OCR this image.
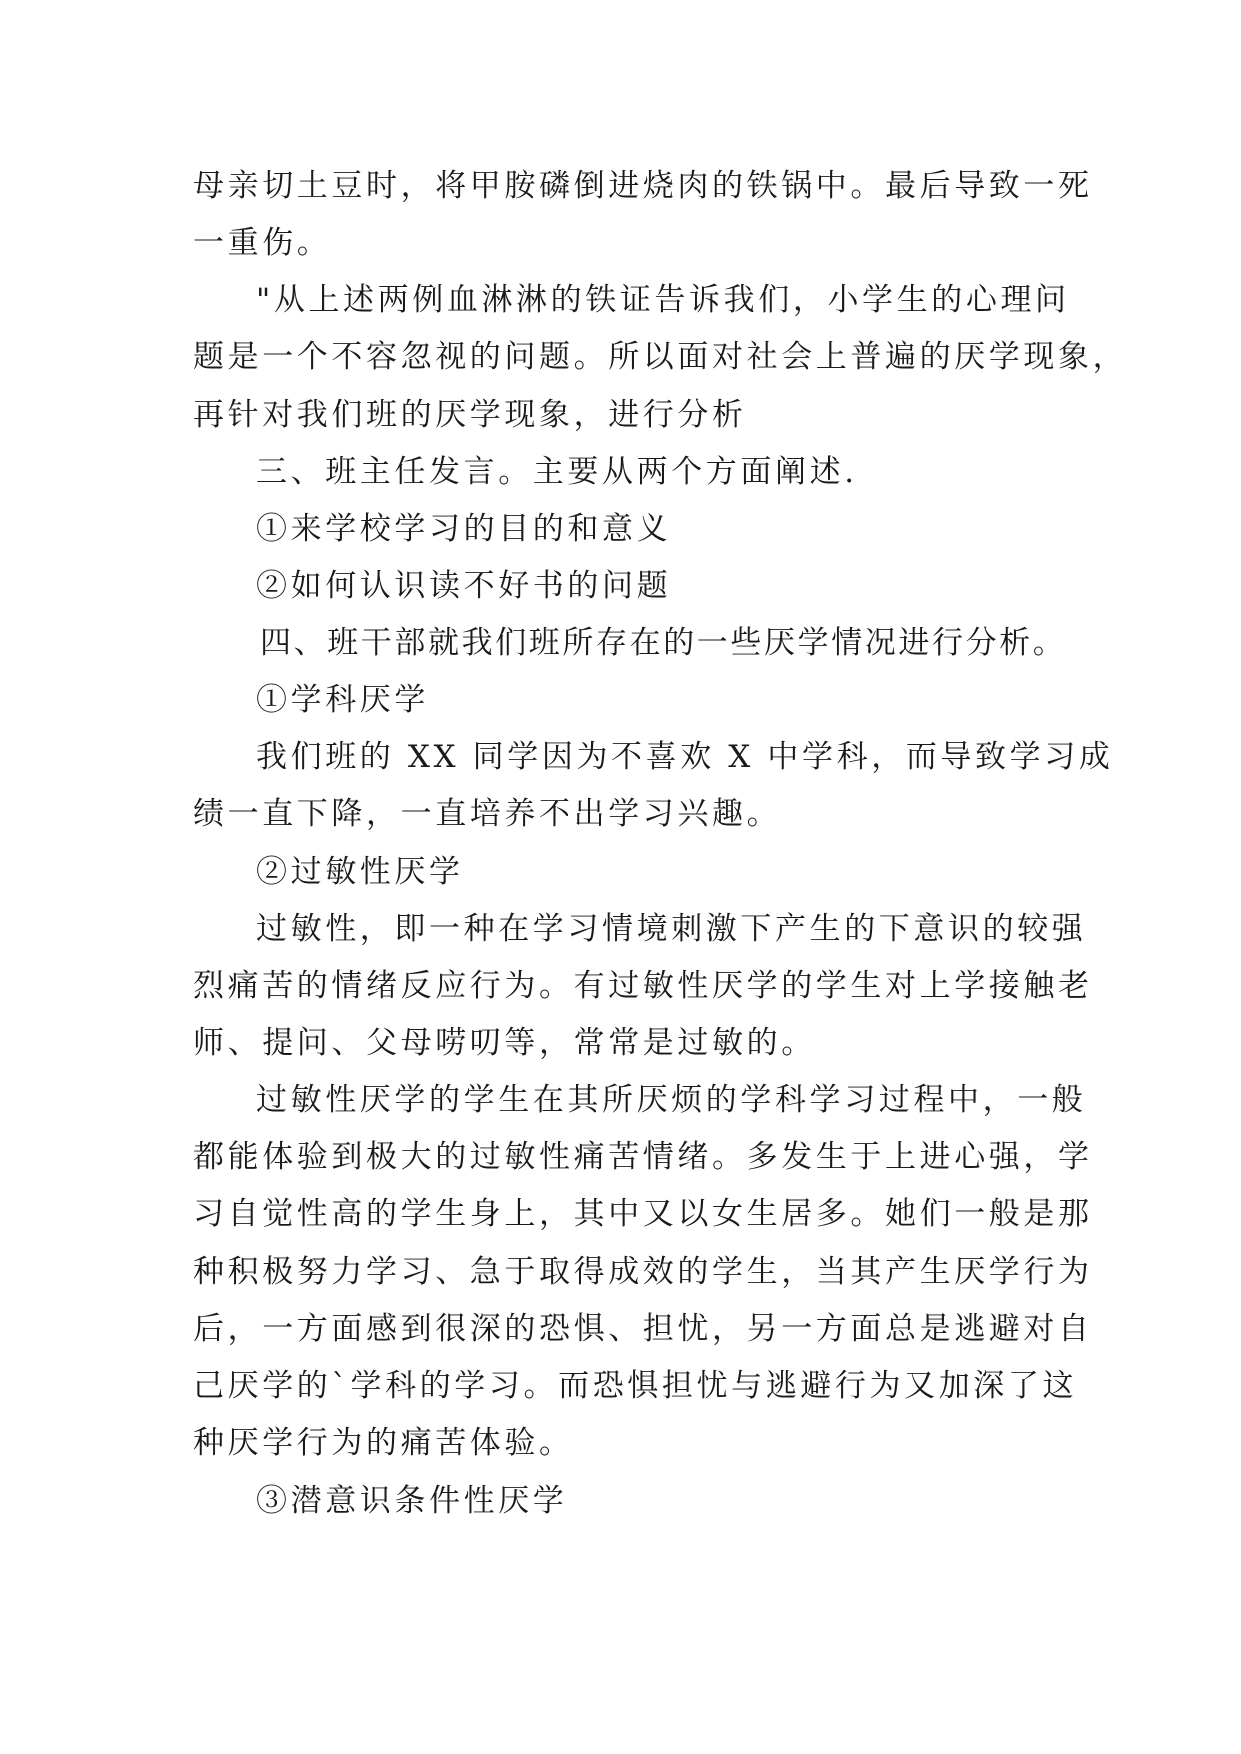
母亲切土豆时，将甲胺磷倒进烧肉的铁锅中。最后导致一死
一重伤。
"从上述两例血淋淋的铁证告诉我们，小学生的心理问
题是一个不容忽视的问题。所以面对社会上普遍的厌学现象，
再针对我们班的厌学现象，进行分析
三、班主任发言。主要从两个方面阐述.
①来学校学习的目的和意义
②如何认识读不好书的问题
四、班干部就我们班所存在的一些厌学情况进行分析。
①学科厌学
我们班的 XX 同学因为不喜欢 X 中学科，而导致学习成
绩一直下降，一直培养不出学习兴趣。
②过敏性厌学
过敏性，即一种在学习情境刺激下产生的下意识的较强
烈痛苦的情绪反应行为。有过敏性厌学的学生对上学接触老
师、提问、父母唠叨等，常常是过敏的。
过敏性厌学的学生在其所厌烦的学科学习过程中，一般
都能体验到极大的过敏性痛苦情绪。多发生于上进心强，学
习自觉性高的学生身上，其中又以女生居多。她们一般是那
种积极努力学习、急于取得成效的学生，当其产生厌学行为
后，一方面感到很深的恐惧、担忧，另一方面总是逃避对自
己厌学的`学科的学习。而恐惧担忧与逃避行为又加深了这
种厌学行为的痛苦体验。
③潜意识条件性厌学
